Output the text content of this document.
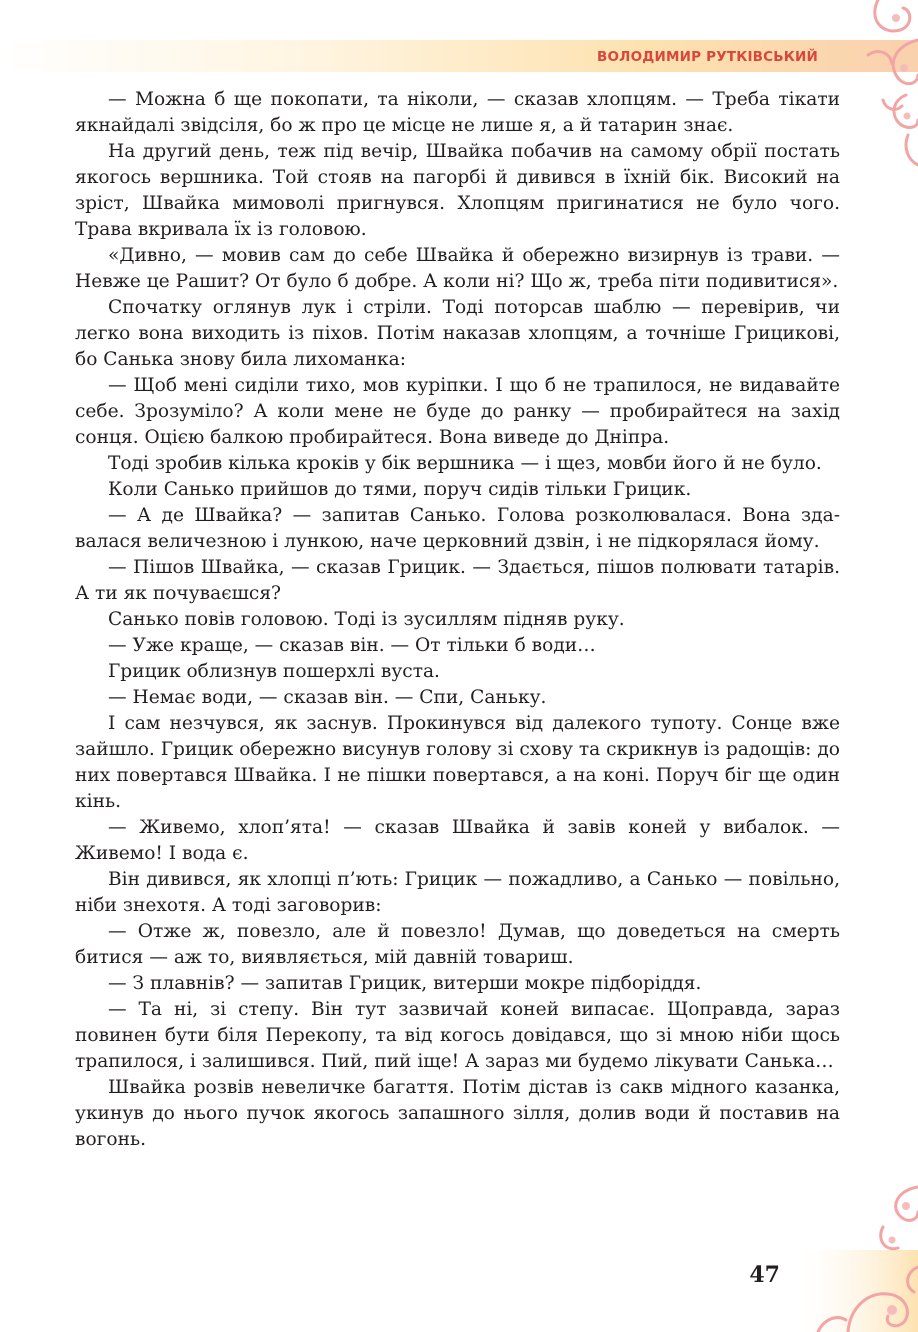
ВОЛОДИМИР РУТКІВСЬКИЙ

— Можна б ще покопати, та ніколи, — сказав хлопцям. — Треба тікати якнайдалі звідсіля, бо ж про це місце не лише я, а й татарин знає.

На другий день, теж під вечір, Швайка побачив на самому обрії постать якогось вершника. Той стояв на пагорбі й дивився в їхній бік. Високий на зріст, Швайка мимоволі пригнувся. Хлопцям пригинатися не було чого. Трава вкривала їх із головою.

«Дивно, — мовив сам до себе Швайка й обережно визирнув із трави. — Невже це Рашит? От було б добре. А коли ні? Що ж, треба піти подивитися».

Спочатку оглянув лук і стріли. Тоді поторсав шаблю — перевірив, чи легко вона виходить із піхов. Потім наказав хлопцям, а точніше Грицикові, бо Санька знову била лихоманка:

— Щоб мені сиділи тихо, мов куріпки. І що б не трапилося, не видавайте себе. Зрозуміло? А коли мене не буде до ранку — пробирайтеся на захід сонця. Оцією балкою пробирайтеся. Вона виведе до Дніпра.

Тоді зробив кілька кроків у бік вершника — і щез, мовби його й не було.

Коли Санько прийшов до тями, поруч сидів тільки Грицик.

— А де Швайка? — запитав Санько. Голова розколювалася. Вона здавалася величезною і лункою, наче церковний дзвін, і не підкорялася йому.

— Пішов Швайка, — сказав Грицик. — Здається, пішов полювати татарів. А ти як почуваєшся?

Санько повів головою. Тоді із зусиллям підняв руку.

— Уже краще, — сказав він. — От тільки б води…

Грицик облизнув пошерхлі вуста.

— Немає води, — сказав він. — Спи, Саньку.

І сам незчувся, як заснув. Прокинувся від далекого тупоту. Сонце вже зайшло. Грицик обережно висунув голову зі схову та скрикнув із радощів: до них повертався Швайка. І не пішки повертався, а на коні. Поруч біг ще один кінь.

— Живемо, хлоп’ята! — сказав Швайка й завів коней у вибалок. — Живемо! І вода є.

Він дивився, як хлопці п’ють: Грицик — пожадливо, а Санько — повільно, ніби знехотя. А тоді заговорив:

— Отже ж, повезло, але й повезло! Думав, що доведеться на смерть битися — аж то, виявляється, мій давній товариш.

— З плавнів? — запитав Грицик, витерши мокре підборіддя.

— Та ні, зі степу. Він тут зазвичай коней випасає. Щоправда, зараз повинен бути біля Перекопу, та від когось довідався, що зі мною ніби щось трапилося, і залишився. Пий, пий іще! А зараз ми будемо лікувати Санька…

Швайка розвів невеличке багаття. Потім дістав із сакв мідного казанка, укинув до нього пучок якогось запашного зілля, долив води й поставив на вогонь.

47
